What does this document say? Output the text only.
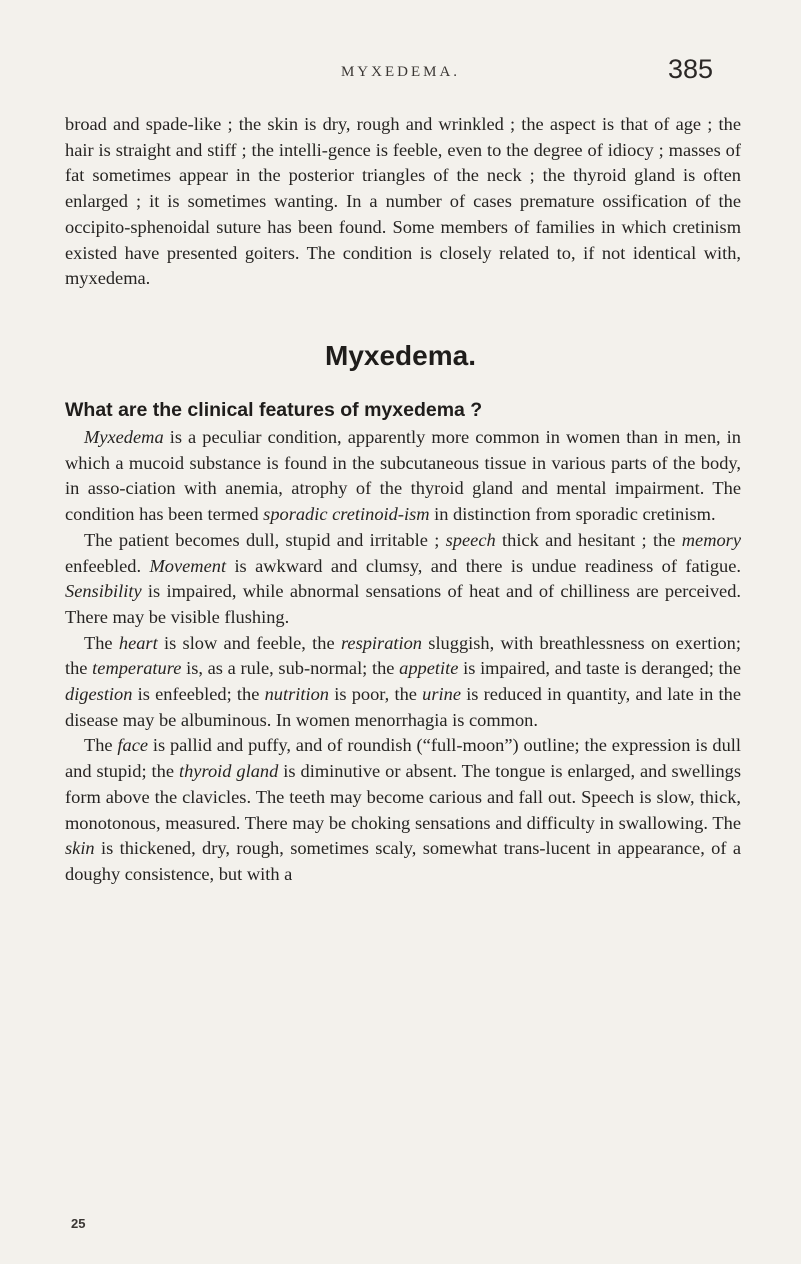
MYXEDEMA.	385

broad and spade-like ; the skin is dry, rough and wrinkled ; the aspect is that of age ; the hair is straight and stiff ; the intelli-gence is feeble, even to the degree of idiocy ; masses of fat sometimes appear in the posterior triangles of the neck ; the thyroid gland is often enlarged ; it is sometimes wanting. In a number of cases premature ossification of the occipito-sphenoidal suture has been found. Some members of families in which cretinism existed have presented goiters. The condition is closely related to, if not identical with, myxedema.

Myxedema.

What are the clinical features of myxedema ?

Myxedema is a peculiar condition, apparently more common in women than in men, in which a mucoid substance is found in the subcutaneous tissue in various parts of the body, in asso-ciation with anemia, atrophy of the thyroid gland and mental impairment. The condition has been termed sporadic cretinoid-ism in distinction from sporadic cretinism.

The patient becomes dull, stupid and irritable ; speech thick and hesitant ; the memory enfeebled. Movement is awkward and clumsy, and there is undue readiness of fatigue. Sensibility is impaired, while abnormal sensations of heat and of chilliness are perceived. There may be visible flushing.

The heart is slow and feeble, the respiration sluggish, with breathlessness on exertion; the temperature is, as a rule, sub-normal; the appetite is impaired, and taste is deranged; the digestion is enfeebled; the nutrition is poor, the urine is reduced in quantity, and late in the disease may be albuminous. In women menorrhagia is common.

The face is pallid and puffy, and of roundish (“full-moon”) outline; the expression is dull and stupid; the thyroid gland is diminutive or absent. The tongue is enlarged, and swellings form above the clavicles. The teeth may become carious and fall out. Speech is slow, thick, monotonous, measured. There may be choking sensations and difficulty in swallowing. The skin is thickened, dry, rough, sometimes scaly, somewhat trans-lucent in appearance, of a doughy consistence, but with a

25
